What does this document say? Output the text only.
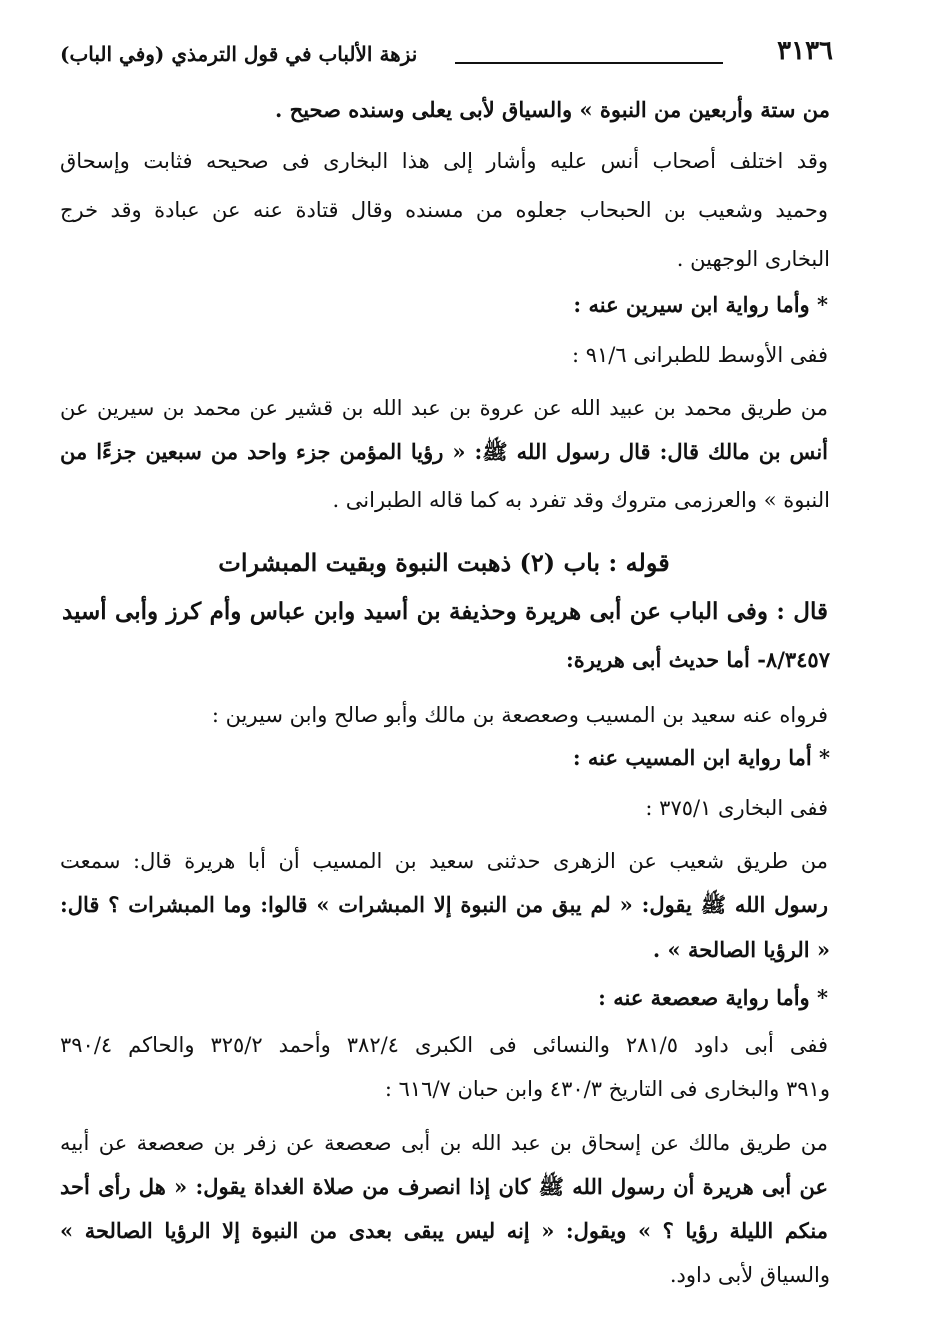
٣١٣٦
نزهة الألباب في قول الترمذي (وفي الباب)
من ستة وأربعين من النبوة » والسياق لأبى يعلى وسنده صحيح .
وقد اختلف أصحاب أنس عليه وأشار إلى هذا البخارى فى صحيحه فثابت وإسحاق
وحميد وشعيب بن الحبحاب جعلوه من مسنده وقال قتادة عنه عن عبادة وقد خرج
البخارى الوجهين .
* وأما رواية ابن سيرين عنه :
ففى الأوسط للطبرانى ٩١/٦ :
من طريق محمد بن عبيد الله عن عروة بن عبد الله بن قشير عن محمد بن سيرين عن
أنس بن مالك قال: قال رسول الله ﷺ: « رؤيا المؤمن جزء واحد من سبعين جزءًا من
النبوة » والعرزمى متروك وقد تفرد به كما قاله الطبرانى .
قوله : باب (٢) ذهبت النبوة وبقيت المبشرات
قال : وفى الباب عن أبى هريرة وحذيفة بن أسيد وابن عباس وأم كرز وأبى أسيد
٨/٣٤٥٧- أما حديث أبى هريرة:
فرواه عنه سعيد بن المسيب وصعصعة بن مالك وأبو صالح وابن سيرين :
* أما رواية ابن المسيب عنه :
ففى البخارى ٣٧٥/١ :
من طريق شعيب عن الزهرى حدثنى سعيد بن المسيب أن أبا هريرة قال: سمعت
رسول الله ﷺ يقول: « لم يبق من النبوة إلا المبشرات » قالوا: وما المبشرات ؟ قال:
« الرؤيا الصالحة » .
* وأما رواية صعصعة عنه :
ففى أبى داود ٢٨١/٥ والنسائى فى الكبرى ٣٨٢/٤ وأحمد ٣٢٥/٢ والحاكم ٣٩٠/٤
و٣٩١ والبخارى فى التاريخ ٤٣٠/٣ وابن حبان ٦١٦/٧ :
من طريق مالك عن إسحاق بن عبد الله بن أبى صعصعة عن زفر بن صعصعة عن أبيه
عن أبى هريرة أن رسول الله ﷺ كان إذا انصرف من صلاة الغداة يقول: « هل رأى أحد
منكم الليلة رؤيا ؟ » ويقول: « إنه ليس يبقى بعدى من النبوة إلا الرؤيا الصالحة »
والسياق لأبى داود.
